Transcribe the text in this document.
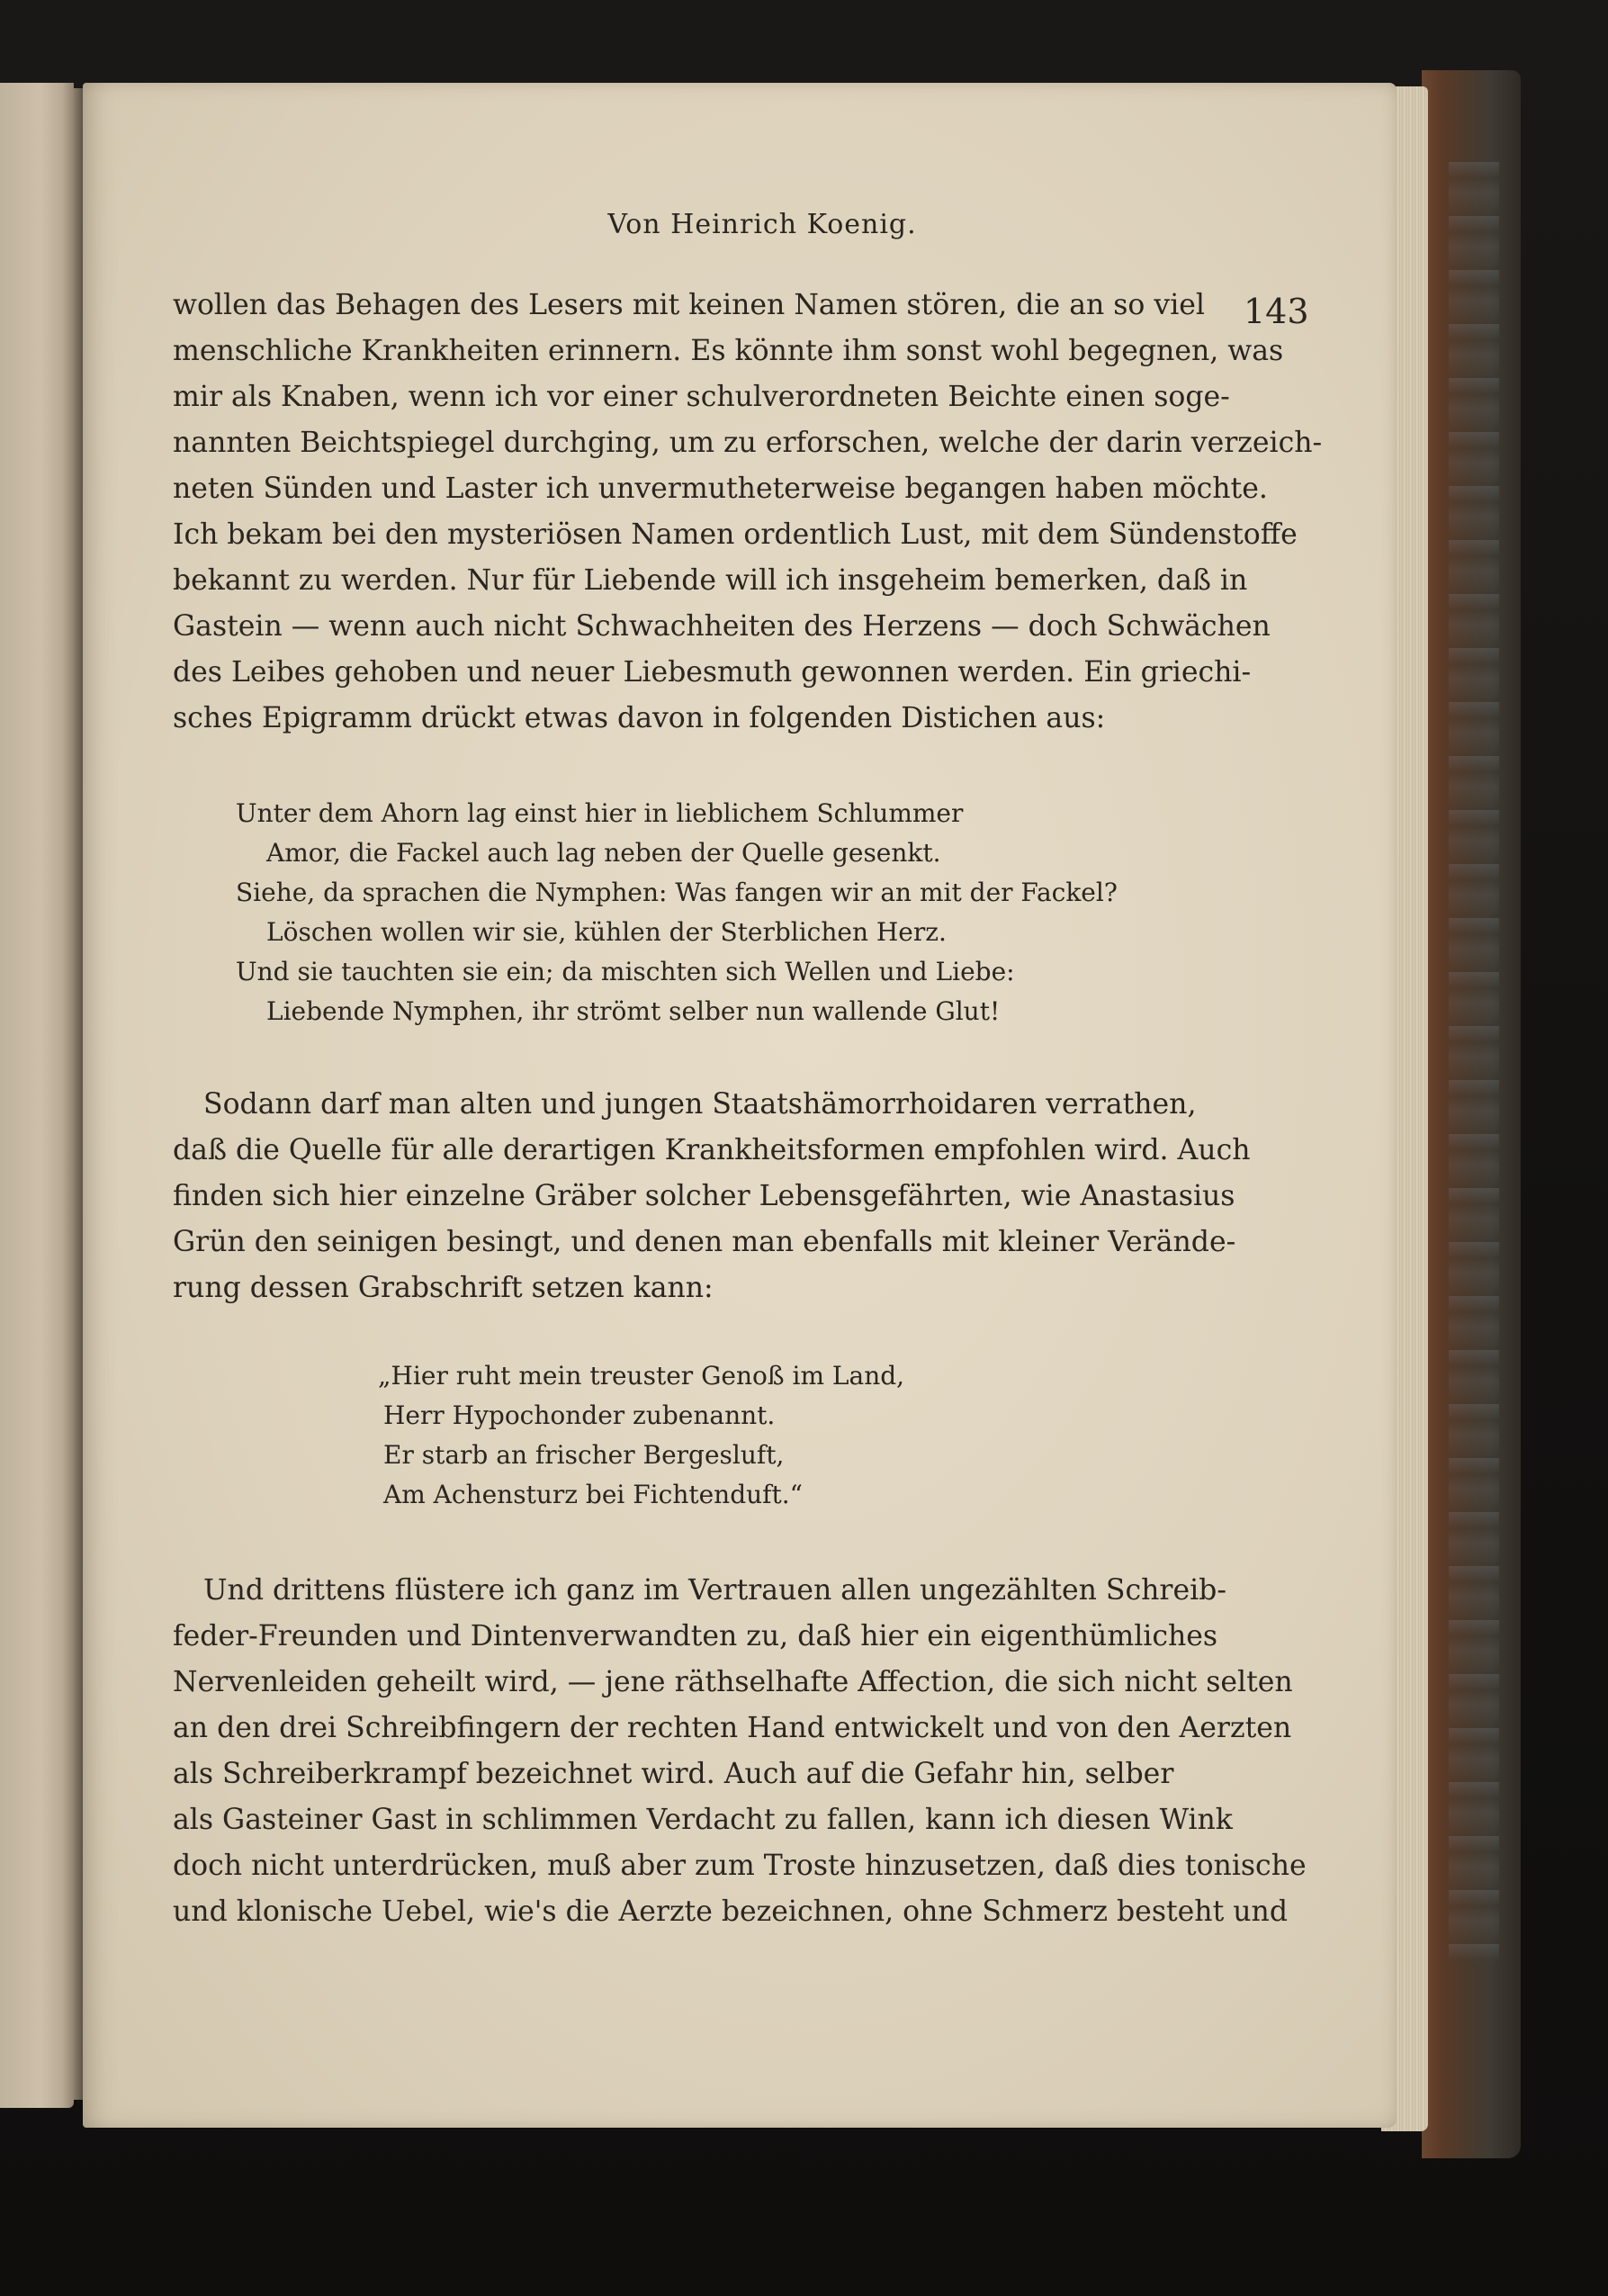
Von Heinrich Koenig.
143

wollen das Behagen des Lesers mit keinen Namen stören, die an so viel

menschliche Krankheiten erinnern. Es könnte ihm sonst wohl begegnen, was

mir als Knaben, wenn ich vor einer schulverordneten Beichte einen soge-

nannten Beichtspiegel durchging, um zu erforschen, welche der darin verzeich-

neten Sünden und Laster ich unvermutheterweise begangen haben möchte.

Ich bekam bei den mysteriösen Namen ordentlich Lust, mit dem Sündenstoffe

bekannt zu werden. Nur für Liebende will ich insgeheim bemerken, daß in

Gastein — wenn auch nicht Schwachheiten des Herzens — doch Schwächen

des Leibes gehoben und neuer Liebesmuth gewonnen werden. Ein griechi-

sches Epigramm drückt etwas davon in folgenden Distichen aus:

Unter dem Ahorn lag einst hier in lieblichem Schlummer

Amor, die Fackel auch lag neben der Quelle gesenkt.

Siehe, da sprachen die Nymphen: Was fangen wir an mit der Fackel?

Löschen wollen wir sie, kühlen der Sterblichen Herz.

Und sie tauchten sie ein; da mischten sich Wellen und Liebe:

Liebende Nymphen, ihr strömt selber nun wallende Glut!

Sodann darf man alten und jungen Staatshämorrhoidaren verrathen,

daß die Quelle für alle derartigen Krankheitsformen empfohlen wird. Auch

finden sich hier einzelne Gräber solcher Lebensgefährten, wie Anastasius

Grün den seinigen besingt, und denen man ebenfalls mit kleiner Verände-

rung dessen Grabschrift setzen kann:

„Hier ruht mein treuster Genoß im Land,

Herr Hypochonder zubenannt.

Er starb an frischer Bergesluft,

Am Achensturz bei Fichtenduft.“

Und drittens flüstere ich ganz im Vertrauen allen ungezählten Schreib-

feder-Freunden und Dintenverwandten zu, daß hier ein eigenthümliches

Nervenleiden geheilt wird, — jene räthselhafte Affection, die sich nicht selten

an den drei Schreibfingern der rechten Hand entwickelt und von den Aerzten

als Schreiberkrampf bezeichnet wird. Auch auf die Gefahr hin, selber

als Gasteiner Gast in schlimmen Verdacht zu fallen, kann ich diesen Wink

doch nicht unterdrücken, muß aber zum Troste hinzusetzen, daß dies tonische

und klonische Uebel, wie's die Aerzte bezeichnen, ohne Schmerz besteht und
